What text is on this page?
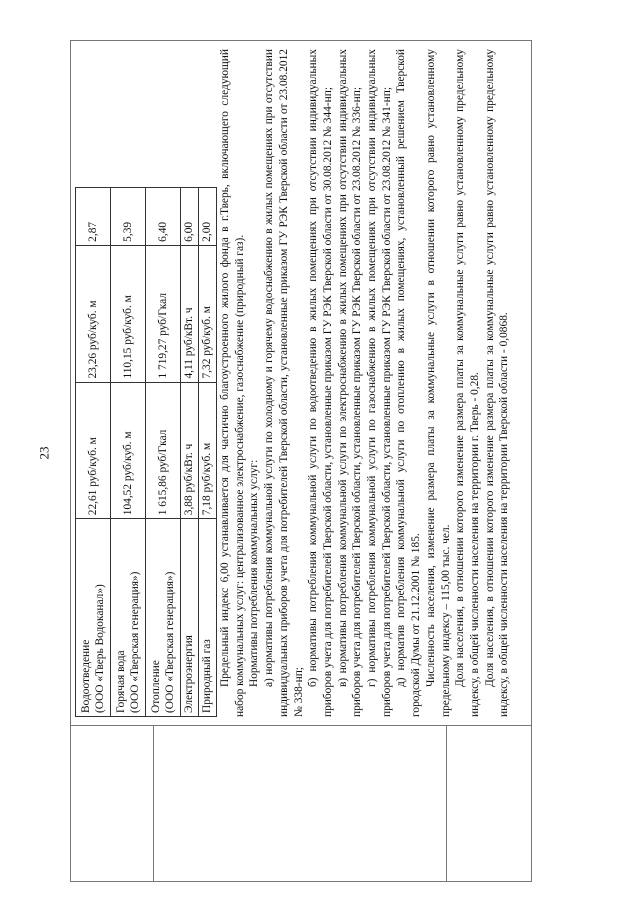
23
Водоотведение (ООО «Тверь Водоканал»)	22,61 руб/куб. м	23,26 руб/куб. м	2,87
Горячая вода (ООО «Тверская генерация»)	104,52 руб/куб. м	110,15 руб/куб. м	5,39
Отопление (ООО «Тверская генерация»)	1 615,86 руб/Гкал	1 719,27 руб/Гкал	6,40
Электроэнергия	3,88 руб/кВт. ч	4,11 руб/кВт. ч	6,00
Природный газ	7,18 руб/куб. м	7,32 руб/куб. м	2,00 Предельный индекс 6,00 устанавливается для частично благоустроенного жилого фонда в г.Тверь, включающего следующий набор коммунальных услуг: централизованное электроснабжение, газоснабжение (природный газ). Нормативы потребления коммунальных услуг: а) нормативы потребления коммунальной услуги по холодному и горячему водоснабжению в жилых помещениях при отсутствии индивидуальных приборов учета для потребителей Тверской области, установленные приказом ГУ РЭК Тверской области от 23.08.2012 № 338-нп;

б) нормативы потребления коммунальной услуги по водоотведению в жилых помещениях при отсутствии индивидуальных приборов учета для потребителей Тверской области, установленные приказом ГУ РЭК Тверской области от 30.08.2012 № 344-нп; в) нормативы потребления коммунальной услуги по электроснабжению в жилых помещениях при отсутствии индивидуальных приборов учета для потребителей Тверской области, установленные приказом ГУ РЭК Тверской области от 23.08.2012 № 336-нп; г) нормативы потребления коммунальной услуги по газоснабжению в жилых помещениях при отсутствии индивидуальных приборов учета для потребителей Тверской области, установленные приказом ГУ РЭК Тверской области от 23.08.2012 № 341-нп; д) норматив потребления коммунальной услуги по отоплению в жилых помещениях, установленный решением Тверской городской Думы от 21.12.2001 № 185. Численность населения, изменение размера платы за коммунальные услуги в отношении которого равно установленному предельному индексу – 115,00 тыс. чел. Доля населения, в отношении которого изменение размера платы за коммунальные услуги равно установленному предельному индексу, в общей численности населения на территории г. Тверь - 0,28. Доля населения, в отношении которого изменение размера платы за коммунальные услуги равно установленному предельному индексу, в общей численности населения на территории Тверской области - 0,0868.
